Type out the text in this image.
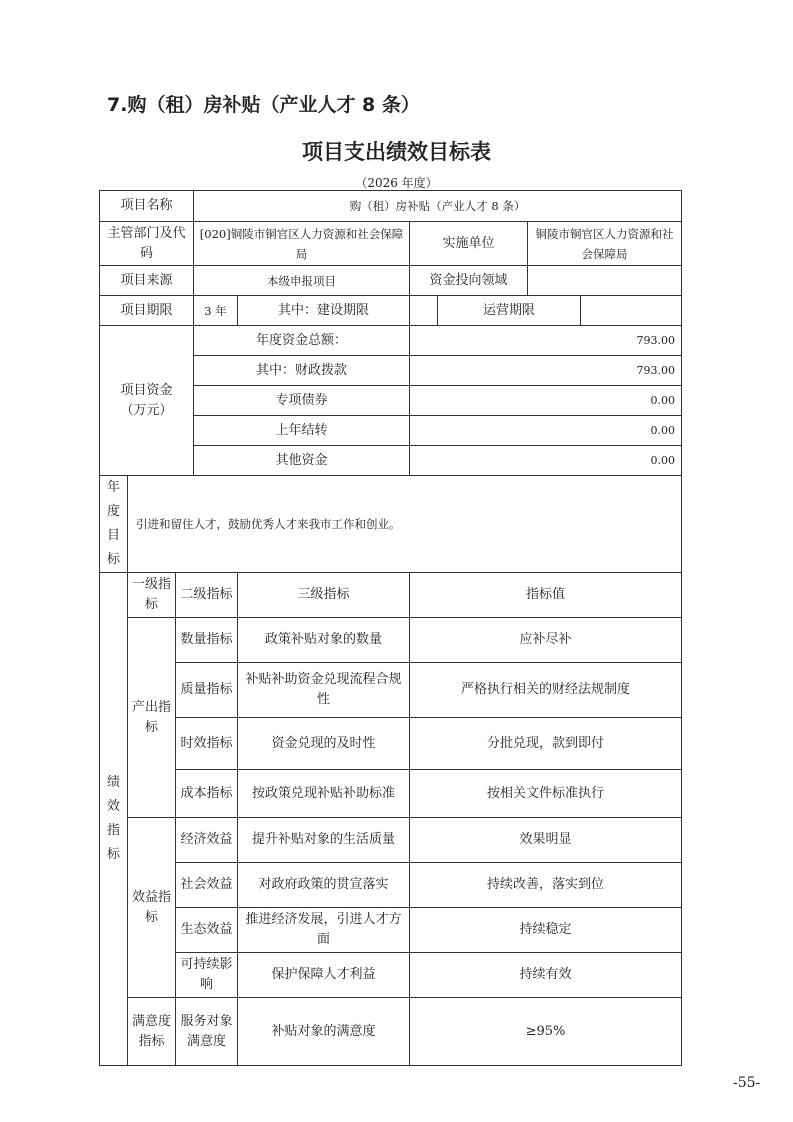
7.购（租）房补贴（产业人才 8 条）
项目支出绩效目标表
（2026 年度）
项目名称			购（租）房补贴（产业人才 8 条）					
主管部门及代码			[020]铜陵市铜官区人力资源和社会保障局		实施单位		铜陵市铜官区人力资源和社会保障局	
项目来源			本级申报项目		资金投向领域			
项目期限			3 年	其中：建设期限		运营期限		

项目资金（万元）			年度资金总额：		793.00			
			其中：财政拨款		793.00			
			专项债券		0.00			
			上年结转		0.00			
			其他资金		0.00			

年度目标	引进和留住人才，鼓励优秀人才来我市工作和创业。							

绩效指标	一级指标	二级指标		三级指标	指标值			
	产出指标	数量指标		政策补贴对象的数量	应补尽补			
		质量指标		补贴补助资金兑现流程合规性	严格执行相关的财经法规制度			
		时效指标		资金兑现的及时性	分批兑现，款到即付			
		成本指标		按政策兑现补贴补助标准	按相关文件标准执行			
	效益指标	经济效益		提升补贴对象的生活质量	效果明显			
		社会效益		对政府政策的贯宣落实	持续改善，落实到位			
		生态效益		推进经济发展，引进人才方面	持续稳定			
		可持续影响		保护保障人才利益	持续有效			
	满意度指标	服务对象满意度		补贴对象的满意度	≥95%			
-55-
